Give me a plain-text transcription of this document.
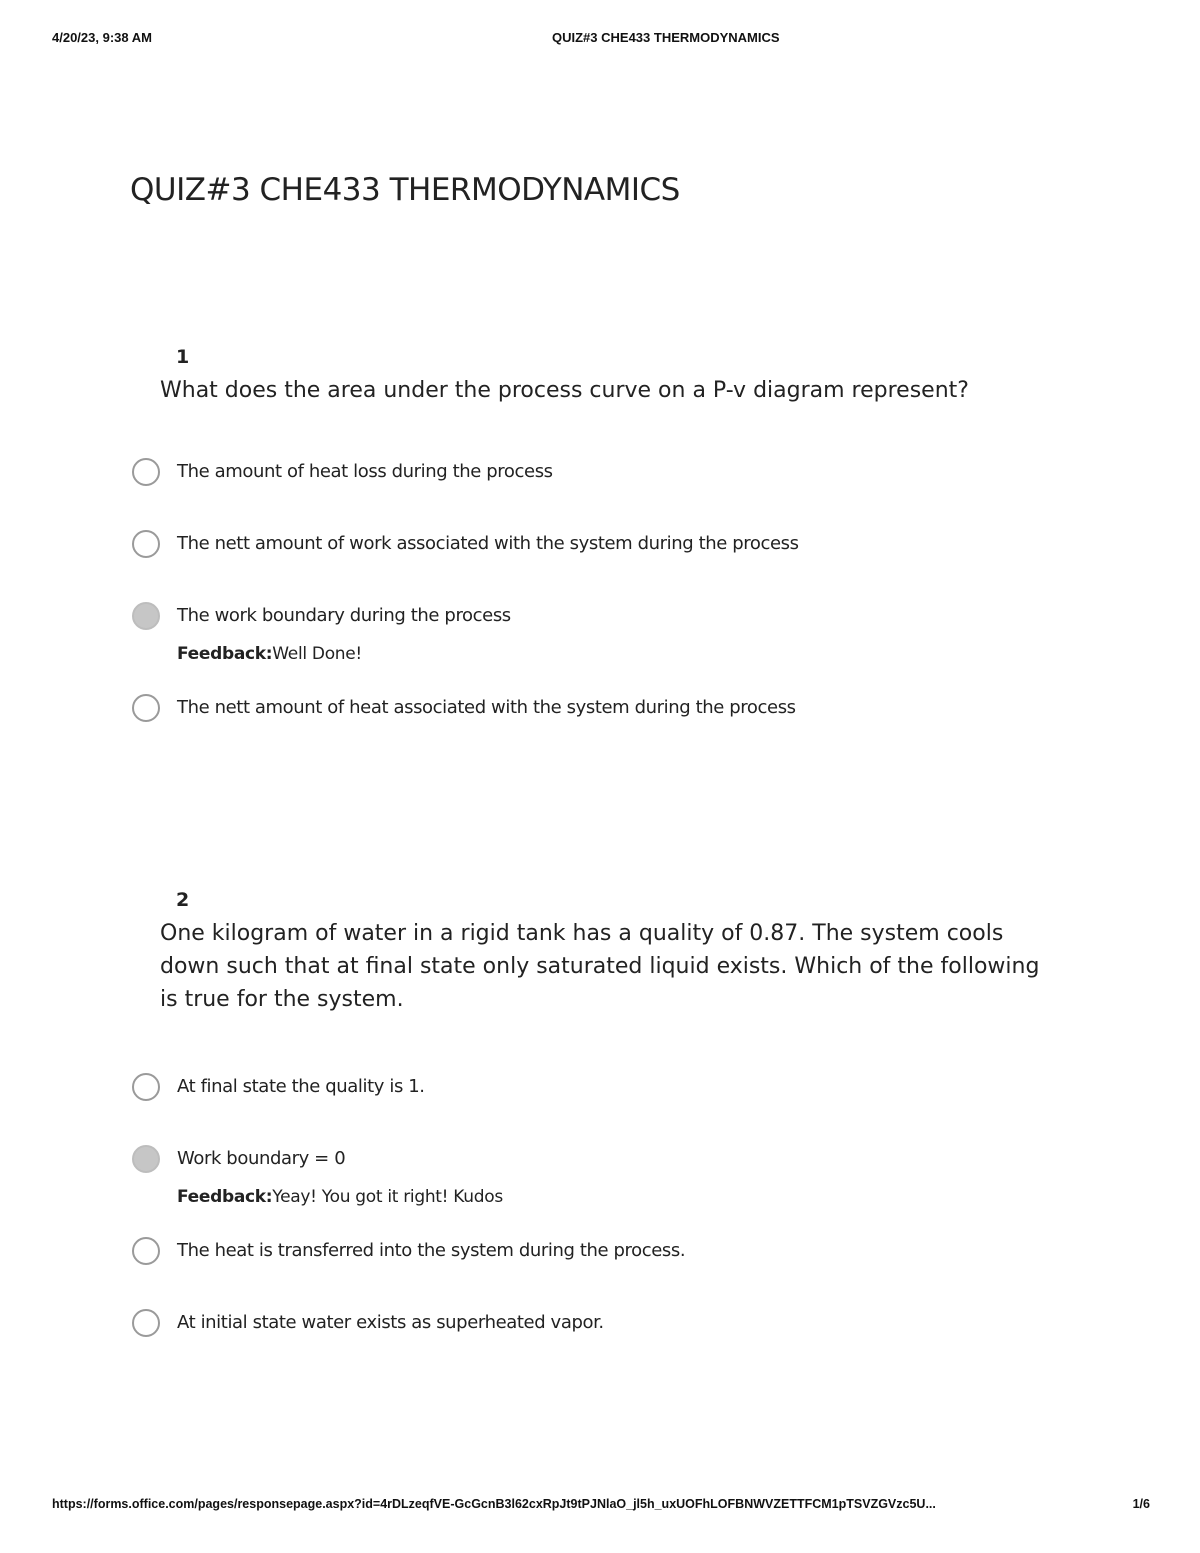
4/20/23, 9:38 AM	QUIZ#3 CHE433 THERMODYNAMICS
QUIZ#3 CHE433 THERMODYNAMICS
1
What does the area under the process curve on a P-v diagram represent?
The amount of heat loss during the process
The nett amount of work associated with the system during the process
The work boundary during the process
Feedback:Well Done!
The nett amount of heat associated with the system during the process
2
One kilogram of water in a rigid tank has a quality of 0.87. The system cools down such that at final state only saturated liquid exists. Which of the following is true for the system.
At final state the quality is 1.
Work boundary = 0
Feedback:Yeay! You got it right! Kudos
The heat is transferred into the system during the process.
At initial state water exists as superheated vapor.
https://forms.office.com/pages/responsepage.aspx?id=4rDLzeqfVE-GcGcnB3l62cxRpJt9tPJNlaO_jl5h_uxUOFhLOFBNWVZETTFCM1pTSVZGVzc5U...	1/6
